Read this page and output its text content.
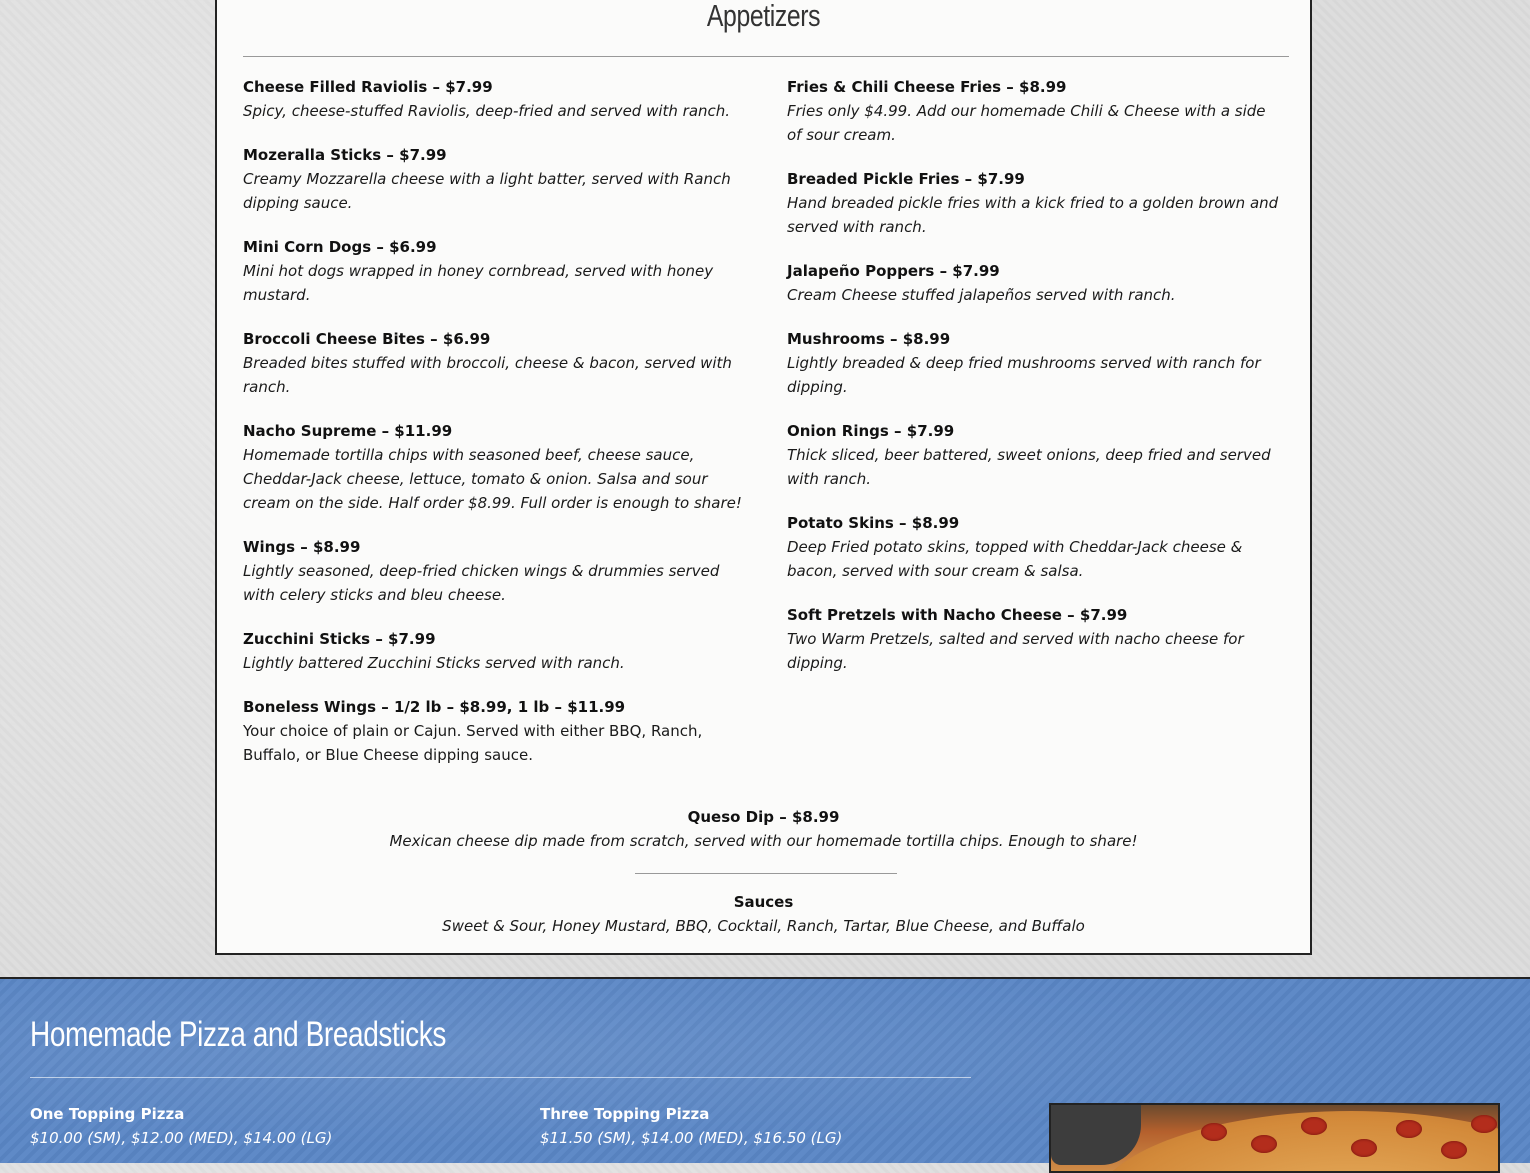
Appetizers
Cheese Filled Raviolis – $7.99
Spicy, cheese-stuffed Raviolis, deep-fried and served with ranch.
Mozeralla Sticks – $7.99
Creamy Mozzarella cheese with a light batter, served with Ranch dipping sauce.
Mini Corn Dogs – $6.99
Mini hot dogs wrapped in honey cornbread, served with honey mustard.
Broccoli Cheese Bites – $6.99
Breaded bites stuffed with broccoli, cheese & bacon, served with ranch.
Nacho Supreme – $11.99
Homemade tortilla chips with seasoned beef, cheese sauce, Cheddar-Jack cheese, lettuce, tomato & onion. Salsa and sour cream on the side. Half order $8.99. Full order is enough to share!
Wings – $8.99
Lightly seasoned, deep-fried chicken wings & drummies served with celery sticks and bleu cheese.
Zucchini Sticks – $7.99
Lightly battered Zucchini Sticks served with ranch.
Boneless Wings – 1/2 lb – $8.99, 1 lb – $11.99
Your choice of plain or Cajun. Served with either BBQ, Ranch, Buffalo, or Blue Cheese dipping sauce.
Fries & Chili Cheese Fries – $8.99
Fries only $4.99. Add our homemade Chili & Cheese with a side of sour cream.
Breaded Pickle Fries – $7.99
Hand breaded pickle fries with a kick fried to a golden brown and served with ranch.
Jalapeño Poppers – $7.99
Cream Cheese stuffed jalapeños served with ranch.
Mushrooms – $8.99
Lightly breaded & deep fried mushrooms served with ranch for dipping.
Onion Rings – $7.99
Thick sliced, beer battered, sweet onions, deep fried and served with ranch.
Potato Skins – $8.99
Deep Fried potato skins, topped with Cheddar-Jack cheese & bacon, served with sour cream & salsa.
Soft Pretzels with Nacho Cheese – $7.99
Two Warm Pretzels, salted and served with nacho cheese for dipping.
Queso Dip – $8.99
Mexican cheese dip made from scratch, served with our homemade tortilla chips. Enough to share!
Sauces
Sweet & Sour, Honey Mustard, BBQ, Cocktail, Ranch, Tartar, Blue Cheese, and Buffalo
Homemade Pizza and Breadsticks
One Topping Pizza
$10.00 (SM), $12.00 (MED), $14.00 (LG)
Three Topping Pizza
$11.50 (SM), $14.00 (MED), $16.50 (LG)
